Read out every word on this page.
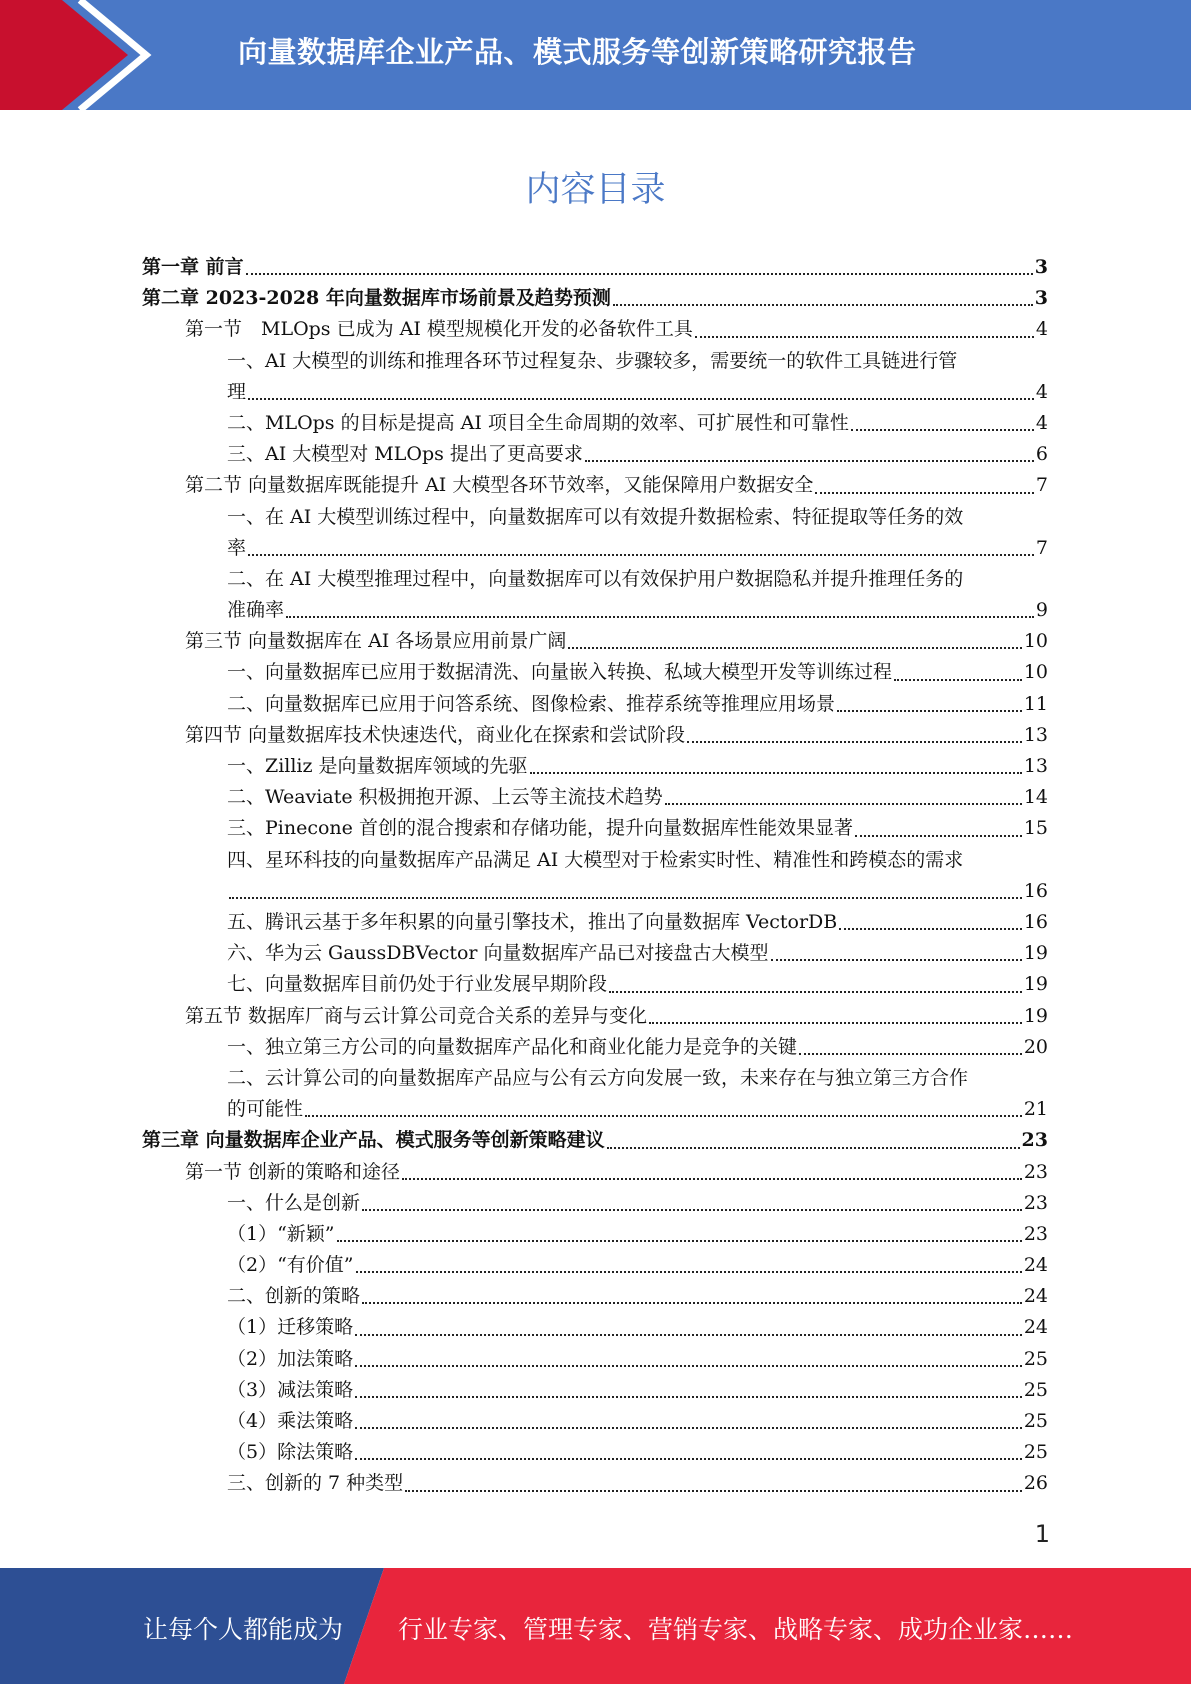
向量数据库企业产品、模式服务等创新策略研究报告
内容目录
第一章 前言	3
第二章 2023-2028 年向量数据库市场前景及趋势预测	3
第一节　MLOps 已成为 AI 模型规模化开发的必备软件工具	4
一、AI 大模型的训练和推理各环节过程复杂、步骤较多，需要统一的软件工具链进行管
理	4
二、MLOps 的目标是提高 AI 项目全生命周期的效率、可扩展性和可靠性	4
三、AI 大模型对 MLOps 提出了更高要求	6
第二节 向量数据库既能提升 AI 大模型各环节效率，又能保障用户数据安全	7
一、在 AI 大模型训练过程中，向量数据库可以有效提升数据检索、特征提取等任务的效
率	7
二、在 AI 大模型推理过程中，向量数据库可以有效保护用户数据隐私并提升推理任务的
准确率	9
第三节 向量数据库在 AI 各场景应用前景广阔	10
一、向量数据库已应用于数据清洗、向量嵌入转换、私域大模型开发等训练过程	10
二、向量数据库已应用于问答系统、图像检索、推荐系统等推理应用场景	11
第四节 向量数据库技术快速迭代，商业化在探索和尝试阶段	13
一、Zilliz 是向量数据库领域的先驱	13
二、Weaviate 积极拥抱开源、上云等主流技术趋势	14
三、Pinecone 首创的混合搜索和存储功能，提升向量数据库性能效果显著	15
四、星环科技的向量数据库产品满足 AI 大模型对于检索实时性、精准性和跨模态的需求
16
五、腾讯云基于多年积累的向量引擎技术，推出了向量数据库 VectorDB	16
六、华为云 GaussDBVector 向量数据库产品已对接盘古大模型	19
七、向量数据库目前仍处于行业发展早期阶段	19
第五节 数据库厂商与云计算公司竞合关系的差异与变化	19
一、独立第三方公司的向量数据库产品化和商业化能力是竞争的关键	20
二、云计算公司的向量数据库产品应与公有云方向发展一致，未来存在与独立第三方合作
的可能性	21
第三章 向量数据库企业产品、模式服务等创新策略建议	23
第一节 创新的策略和途径	23
一、什么是创新	23
（1）“新颖”	23
（2）“有价值”	24
二、创新的策略	24
（1）迁移策略	24
（2）加法策略	25
（3）减法策略	25
（4）乘法策略	25
（5）除法策略	25
三、创新的 7 种类型	26
1
让每个人都能成为 行业专家、管理专家、营销专家、战略专家、成功企业家……
